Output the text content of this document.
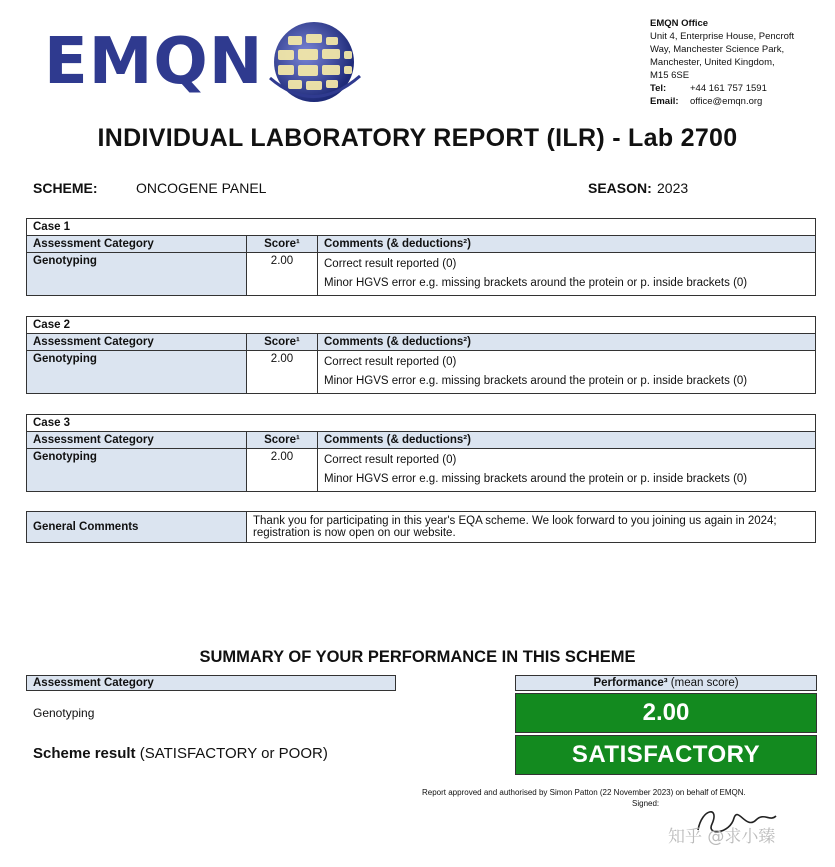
EMQN
EMQN Office
Unit 4, Enterprise House, Pencroft
Way, Manchester Science Park,
Manchester, United Kingdom,
M15 6SE
Tel:	+44 161 757 1591
Email:	office@emqn.org
INDIVIDUAL LABORATORY REPORT (ILR) - Lab 2700
SCHEME:	ONCOGENE PANEL	SEASON: 2023
Case 1		
Assessment Category	Score¹	Comments (& deductions²)
Genotyping	2.00	Correct result reported (0)
Minor HGVS error e.g. missing brackets around the protein or p. inside brackets (0)
Case 2		
Assessment Category	Score¹	Comments (& deductions²)
Genotyping	2.00	Correct result reported (0)
Minor HGVS error e.g. missing brackets around the protein or p. inside brackets (0)
Case 3		
Assessment Category	Score¹	Comments (& deductions²)
Genotyping	2.00	Correct result reported (0)
Minor HGVS error e.g. missing brackets around the protein or p. inside brackets (0)
General Comments	Thank you for participating in this year's EQA scheme. We look forward to you joining us again in 2024; registration is now open on our website.
SUMMARY OF YOUR PERFORMANCE IN THIS SCHEME
Assessment Category	Performance³ (mean score)
Genotyping	2.00
Scheme result (SATISFACTORY or POOR)	SATISFACTORY
Report approved and authorised by Simon Patton (22 November 2023) on behalf of EMQN.
Signed:
知乎 @求小臻
